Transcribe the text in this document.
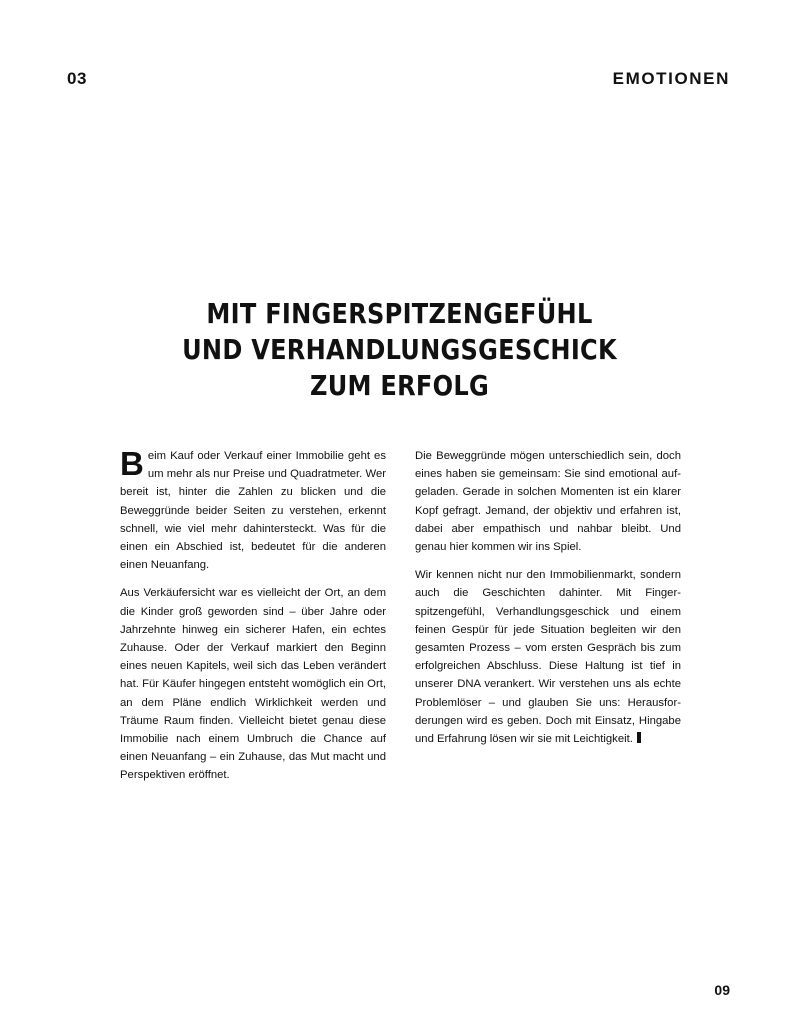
03	EMOTIONEN
MIT FINGERSPITZENGEFÜHL
UND VERHANDLUNGSGESCHICK
ZUM ERFOLG

Beim Kauf oder Verkauf einer Immobilie geht es um mehr als nur Preise und Quadratmeter. Wer bereit ist, hinter die Zahlen zu blicken und die Beweggründe beider Seiten zu verstehen, erkennt schnell, wie viel mehr dahintersteckt. Was für die einen ein Abschied ist, bedeutet für die anderen einen Neuanfang.

Aus Verkäufersicht war es vielleicht der Ort, an dem die Kinder groß geworden sind – über Jahre oder Jahrzehnte hinweg ein sicherer Hafen, ein echtes Zuhause. Oder der Verkauf markiert den Beginn eines neuen Kapitels, weil sich das Leben verändert hat. Für Käufer hingegen entsteht womöglich ein Ort, an dem Pläne endlich Wirklichkeit werden und Träume Raum finden. Vielleicht bietet genau diese Immobilie nach einem Umbruch die Chance auf einen Neuanfang – ein Zuhause, das Mut macht und Perspektiven eröffnet.

Die Beweggründe mögen unterschiedlich sein, doch eines haben sie gemeinsam: Sie sind emotional aufgeladen. Gerade in solchen Momenten ist ein klarer Kopf gefragt. Jemand, der objektiv und erfahren ist, dabei aber empathisch und nahbar bleibt. Und genau hier kommen wir ins Spiel.

Wir kennen nicht nur den Immobilienmarkt, sondern auch die Geschichten dahinter. Mit Fingerspitzengefühl, Verhandlungsgeschick und einem feinen Gespür für jede Situation begleiten wir den gesamten Prozess – vom ersten Gespräch bis zum erfolgreichen Abschluss. Diese Haltung ist tief in unserer DNA verankert. Wir verstehen uns als echte Problemlöser – und glauben Sie uns: Herausforderungen wird es geben. Doch mit Einsatz, Hingabe und Erfahrung lösen wir sie mit Leichtigkeit.

09
